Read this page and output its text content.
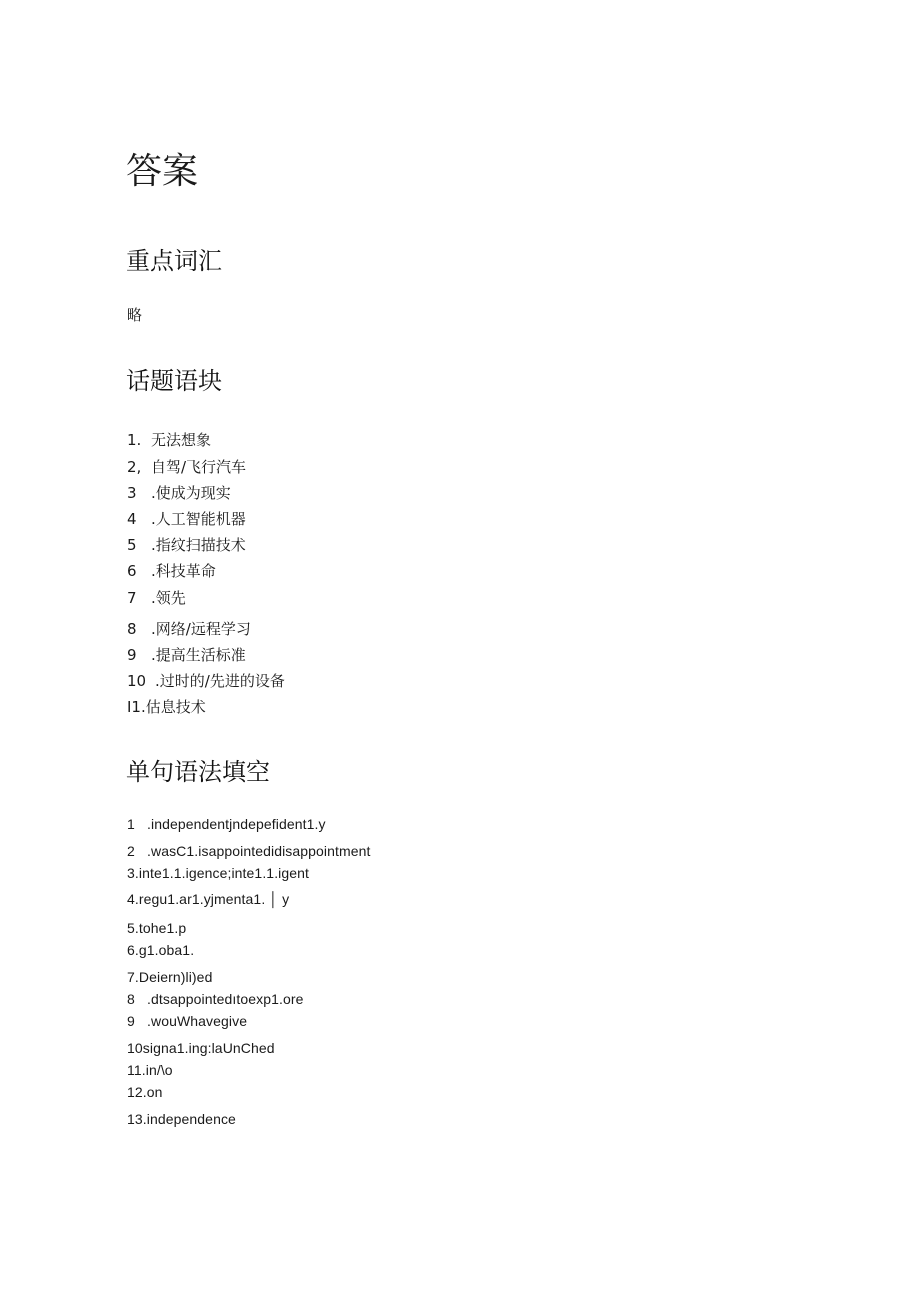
答案
重点词汇
略
话题语块
1. 无法想象
2, 自驾/飞行汽车
3 .使成为现实
4 .人工智能机器
5 .指纹扫描技术
6 .科技革命
7 .领先
8 .网络/远程学习
9 .提高生活标准
10 .过时的/先进的设备
I1.估息技术
单句语法填空
1 .independentjndepefident1.y
2 .wasC1.isappointedidisappointment
3.inte1.1.igence;inte1.1.igent
4.regu1.ar1.yjmenta1. │ y
5.tohe1.p
6.g1.oba1.
7.Deiern)li)ed
8 .dtsappointedıtoexp1.ore
9 .wouWhavegive
10signa1.ing:laUnChed
11.in/\o
12.on
13.independence
